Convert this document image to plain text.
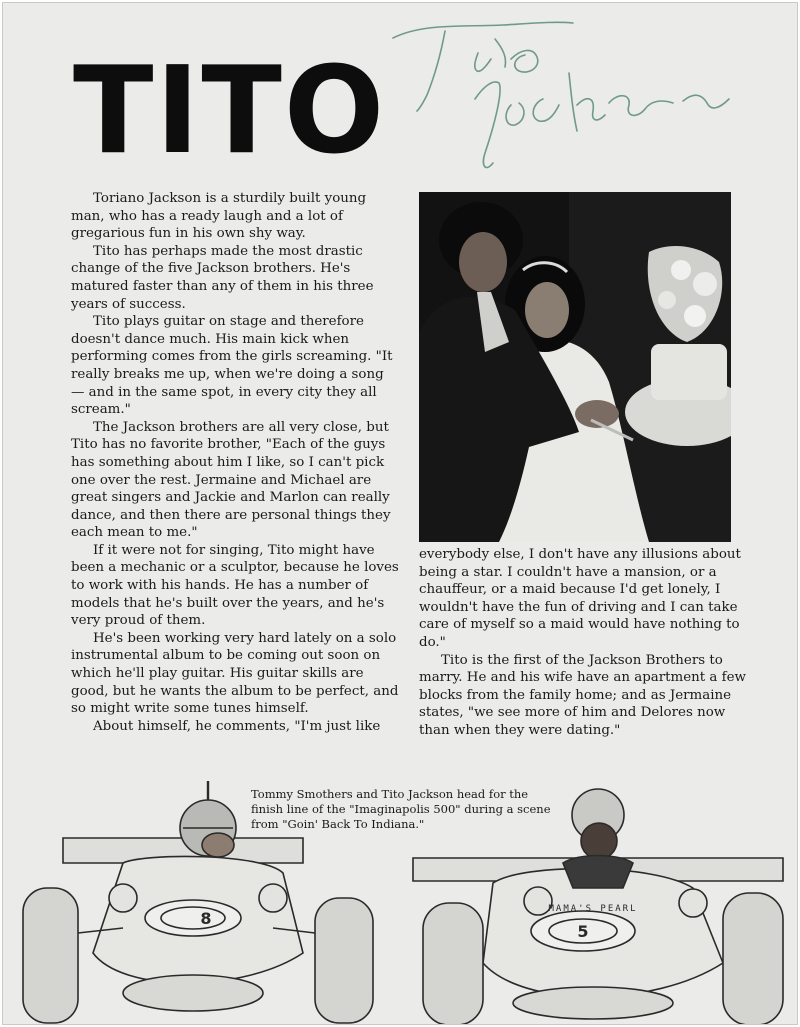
TITO

Toriano Jackson is a sturdily built young man, who has a ready laugh and a lot of gregarious fun in his own shy way.

Tito has perhaps made the most drastic change of the five Jackson brothers. He's matured faster than any of them in his three years of success.

Tito plays guitar on stage and therefore doesn't dance much. His main kick when performing comes from the girls screaming. "It really breaks me up, when we're doing a song — and in the same spot, in every city they all scream."

The Jackson brothers are all very close, but Tito has no favorite brother, "Each of the guys has something about him I like, so I can't pick one over the rest. Jermaine and Michael are great singers and Jackie and Marlon can really dance, and then there are personal things they each mean to me."

If it were not for singing, Tito might have been a mechanic or a sculptor, because he loves to work with his hands. He has a number of models that he's built over the years, and he's very proud of them.

He's been working very hard lately on a solo instrumental album to be coming out soon on which he'll play guitar. His guitar skills are good, but he wants the album to be perfect, and so might write some tunes himself.

About himself, he comments, "I'm just like

everybody else, I don't have any illusions about being a star. I couldn't have a mansion, or a chauffeur, or a maid because I'd get lonely, I wouldn't have the fun of driving and I can take care of myself so a maid would have nothing to do."

Tito is the first of the Jackson Brothers to marry. He and his wife have an apartment a few blocks from the family home; and as Jermaine states, "we see more of him and Delores now than when they were dating."

Tommy Smothers and Tito Jackson head for the finish line of the "Imaginapolis 500" during a scene from "Goin' Back To Indiana."

8	MAMA'S PEARL
5
